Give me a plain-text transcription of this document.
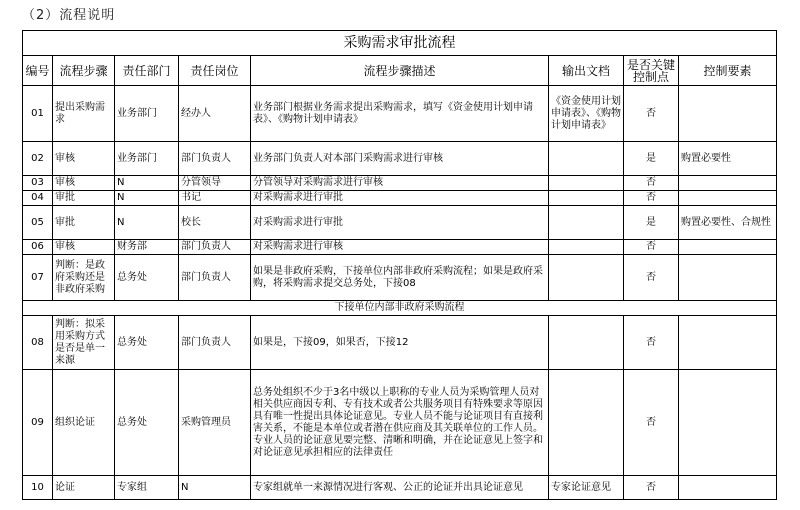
（2）流程说明
采购需求审批流程							
编号	流程步骤	责任部门	责任岗位	流程步骤描述	输出文档	是否关键控制点	控制要素
01	提出采购需求	业务部门	经办人	业务部门根据业务需求提出采购需求，填写《资金使用计划申请表》、《购物计划申请表》	《资金使用计划申请表》、《购物计划申请表》	否	
02	审核	业务部门	部门负责人	业务部门负责人对本部门采购需求进行审核		是	购置必要性
03	审核	N	分管领导	分管领导对采购需求进行审核		否	
04	审批	N	书记	对采购需求进行审批		否	
05	审批	N	校长	对采购需求进行审批		是	购置必要性、合规性
06	审核	财务部	部门负责人	对采购需求进行审核		否	
07	判断：是政府采购还是非政府采购	总务处	部门负责人	如果是非政府采购，下接单位内部非政府采购流程；如果是政府采购，将采购需求提交总务处，下接08		否	
下接单位内部非政府采购流程							
08	判断：拟采用采购方式是否是单一来源	总务处	部门负责人	如果是，下接09，如果否，下接12		否	
09	组织论证	总务处	采购管理员	总务处组织不少于3名中级以上职称的专业人员为采购管理人员对相关供应商因专利、专有技术或者公共服务项目有特殊要求等原因具有唯一性提出具体论证意见。专业人员不能与论证项目有直接利害关系，不能是本单位或者潜在供应商及其关联单位的工作人员。专业人员的论证意见要完整、清晰和明确，并在论证意见上签字和对论证意见承担相应的法律责任		否	
10	论证	专家组	N	专家组就单一来源情况进行客观、公正的论证并出具论证意见	专家论证意见	否	
